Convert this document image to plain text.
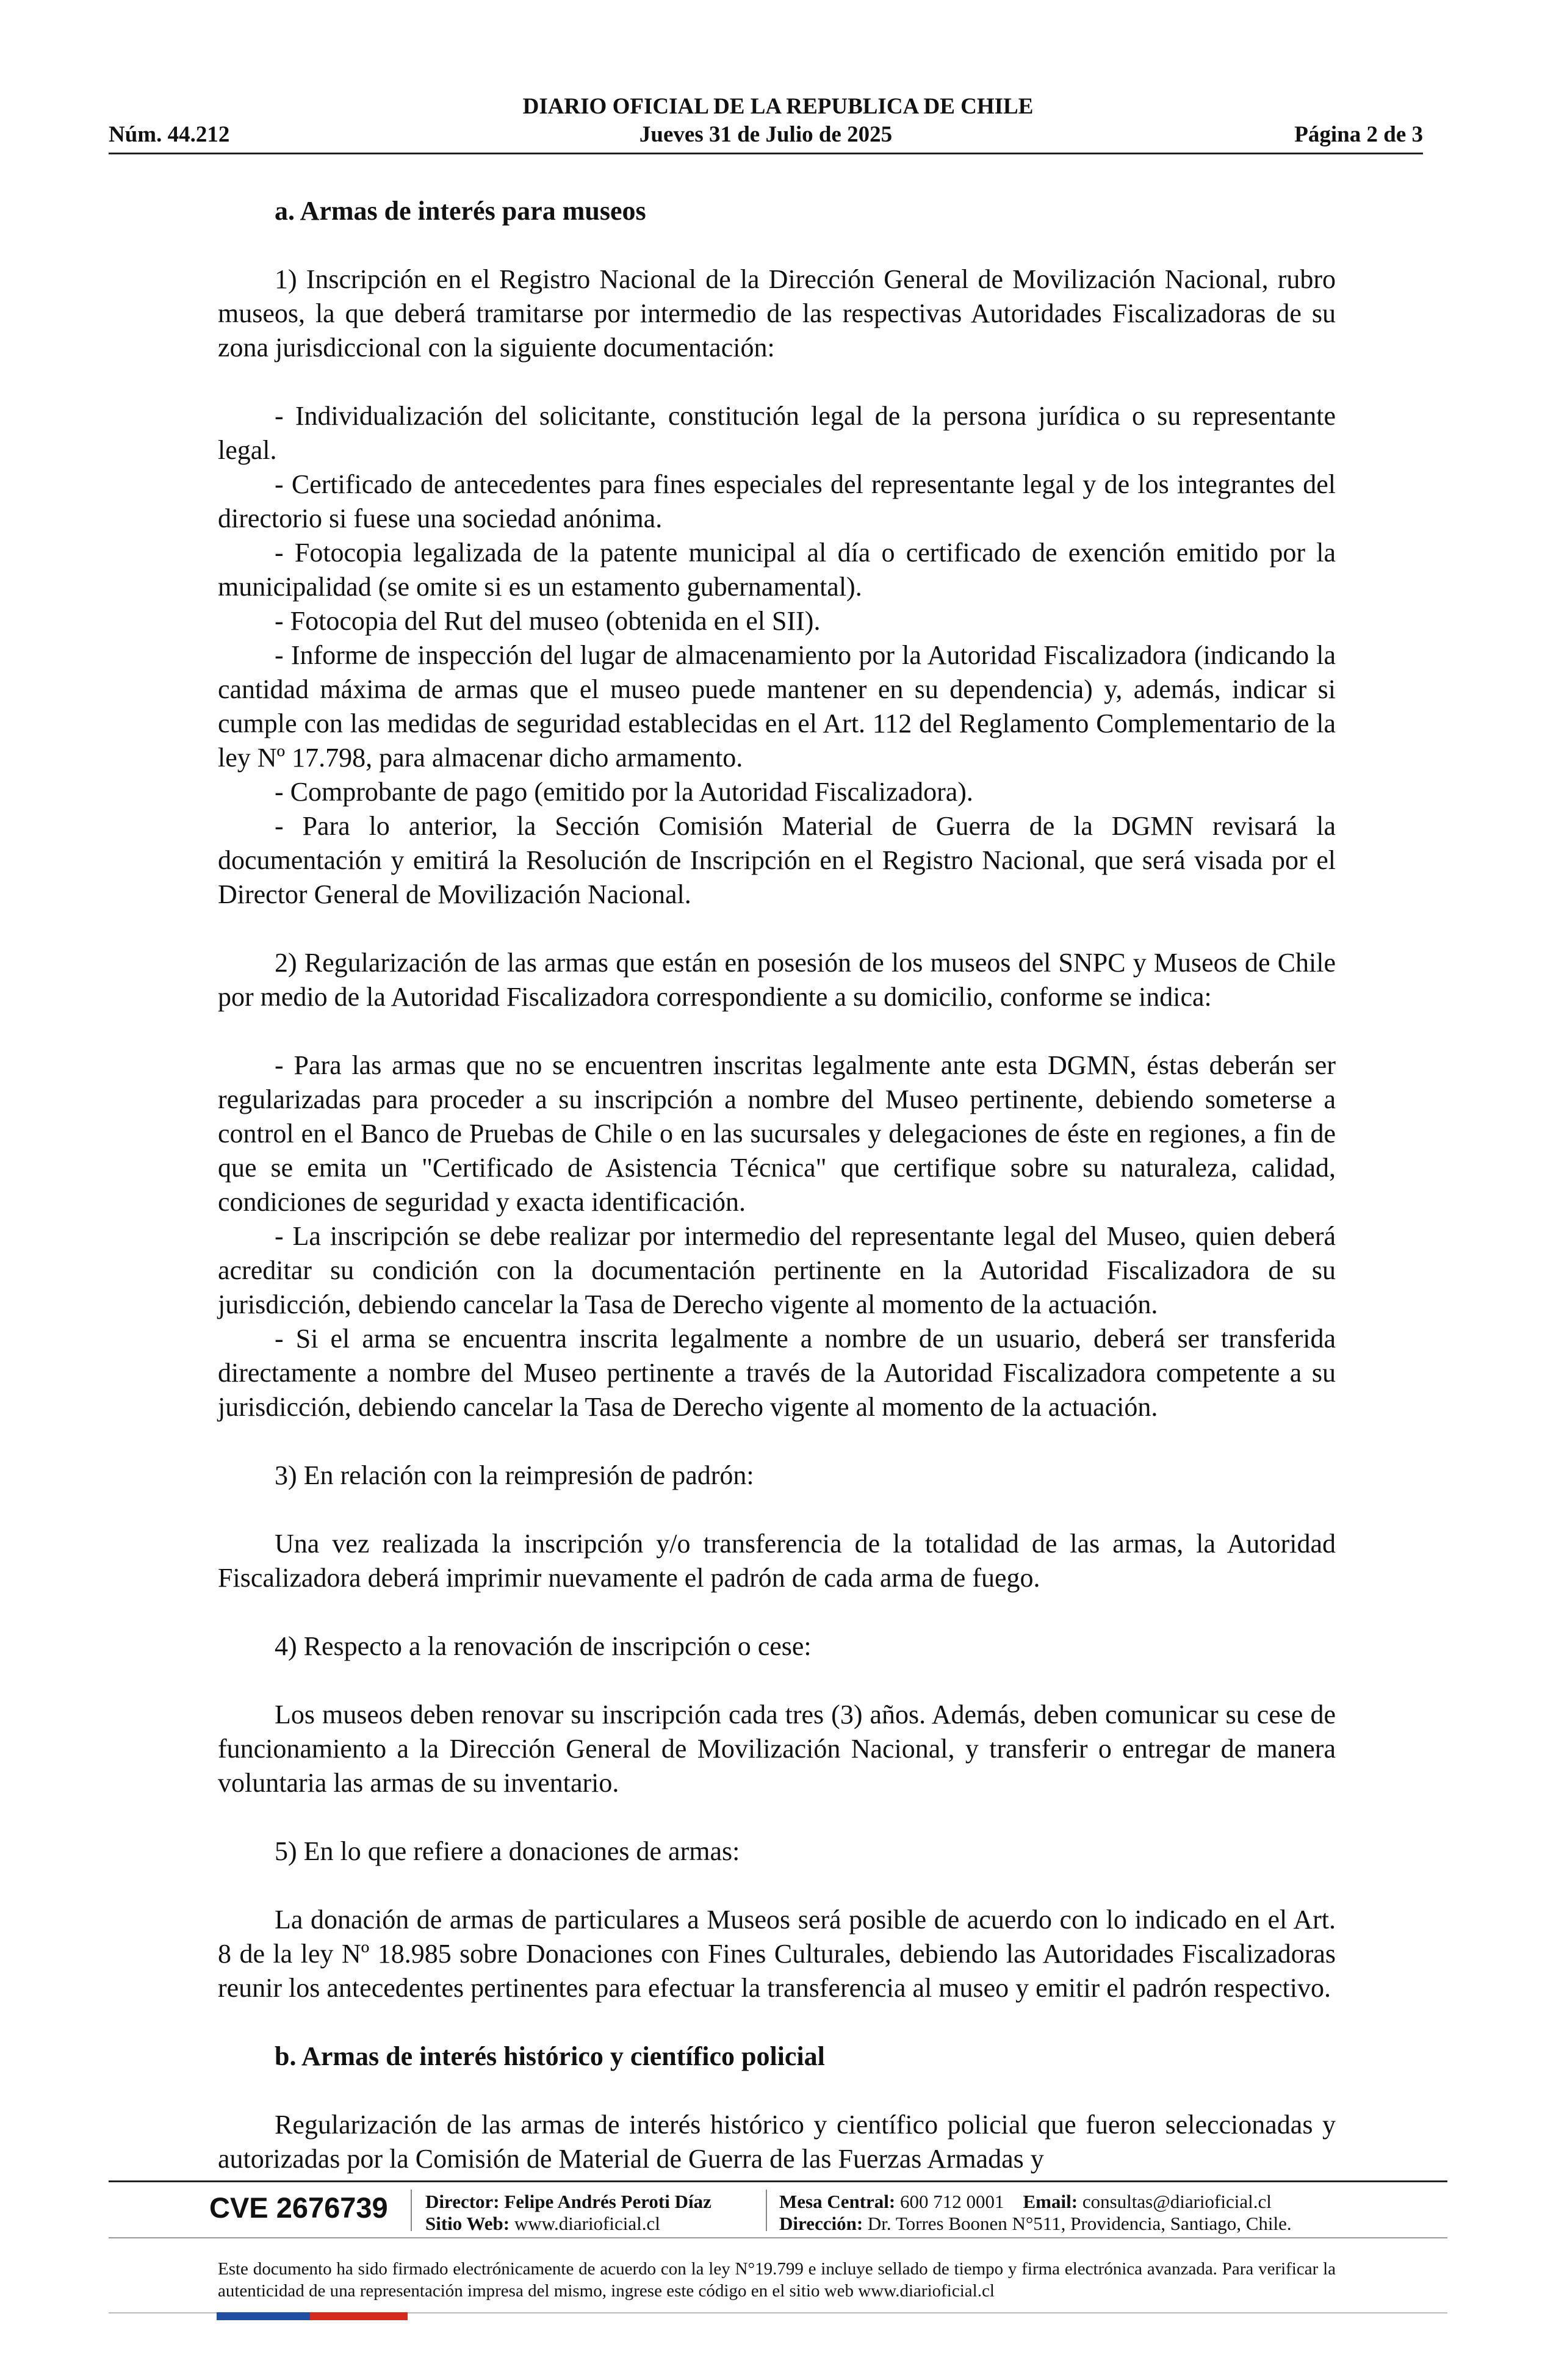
DIARIO OFICIAL DE LA REPUBLICA DE CHILE
Núm. 44.212	Jueves 31 de Julio de 2025	Página 2 de 3

a. Armas de interés para museos

1) Inscripción en el Registro Nacional de la Dirección General de Movilización Nacional, rubro museos, la que deberá tramitarse por intermedio de las respectivas Autoridades Fiscalizadoras de su zona jurisdiccional con la siguiente documentación:

- Individualización del solicitante, constitución legal de la persona jurídica o su representante legal.

- Certificado de antecedentes para fines especiales del representante legal y de los integrantes del directorio si fuese una sociedad anónima.

- Fotocopia legalizada de la patente municipal al día o certificado de exención emitido por la municipalidad (se omite si es un estamento gubernamental).

- Fotocopia del Rut del museo (obtenida en el SII).

- Informe de inspección del lugar de almacenamiento por la Autoridad Fiscalizadora (indicando la cantidad máxima de armas que el museo puede mantener en su dependencia) y, además, indicar si cumple con las medidas de seguridad establecidas en el Art. 112 del Reglamento Complementario de la ley Nº 17.798, para almacenar dicho armamento.

- Comprobante de pago (emitido por la Autoridad Fiscalizadora).

- Para lo anterior, la Sección Comisión Material de Guerra de la DGMN revisará la documentación y emitirá la Resolución de Inscripción en el Registro Nacional, que será visada por el Director General de Movilización Nacional.

2) Regularización de las armas que están en posesión de los museos del SNPC y Museos de Chile por medio de la Autoridad Fiscalizadora correspondiente a su domicilio, conforme se indica:

- Para las armas que no se encuentren inscritas legalmente ante esta DGMN, éstas deberán ser regularizadas para proceder a su inscripción a nombre del Museo pertinente, debiendo someterse a control en el Banco de Pruebas de Chile o en las sucursales y delegaciones de éste en regiones, a fin de que se emita un "Certificado de Asistencia Técnica" que certifique sobre su naturaleza, calidad, condiciones de seguridad y exacta identificación.

- La inscripción se debe realizar por intermedio del representante legal del Museo, quien deberá acreditar su condición con la documentación pertinente en la Autoridad Fiscalizadora de su jurisdicción, debiendo cancelar la Tasa de Derecho vigente al momento de la actuación.

- Si el arma se encuentra inscrita legalmente a nombre de un usuario, deberá ser transferida directamente a nombre del Museo pertinente a través de la Autoridad Fiscalizadora competente a su jurisdicción, debiendo cancelar la Tasa de Derecho vigente al momento de la actuación.

3) En relación con la reimpresión de padrón:

Una vez realizada la inscripción y/o transferencia de la totalidad de las armas, la Autoridad Fiscalizadora deberá imprimir nuevamente el padrón de cada arma de fuego.

4) Respecto a la renovación de inscripción o cese:

Los museos deben renovar su inscripción cada tres (3) años. Además, deben comunicar su cese de funcionamiento a la Dirección General de Movilización Nacional, y transferir o entregar de manera voluntaria las armas de su inventario.

5) En lo que refiere a donaciones de armas:

La donación de armas de particulares a Museos será posible de acuerdo con lo indicado en el Art. 8 de la ley Nº 18.985 sobre Donaciones con Fines Culturales, debiendo las Autoridades Fiscalizadoras reunir los antecedentes pertinentes para efectuar la transferencia al museo y emitir el padrón respectivo.

b. Armas de interés histórico y científico policial

Regularización de las armas de interés histórico y científico policial que fueron seleccionadas y autorizadas por la Comisión de Material de Guerra de las Fuerzas Armadas y

CVE 2676739 Director: Felipe Andrés Peroti Díaz
Sitio Web: www.diarioficial.cl
Mesa Central: 600 712 0001 Email: consultas@diarioficial.cl
Dirección: Dr. Torres Boonen N°511, Providencia, Santiago, Chile.
Este documento ha sido firmado electrónicamente de acuerdo con la ley N°19.799 e incluye sellado de tiempo y firma electrónica avanzada. Para verificar la autenticidad de una representación impresa del mismo, ingrese este código en el sitio web www.diarioficial.cl
